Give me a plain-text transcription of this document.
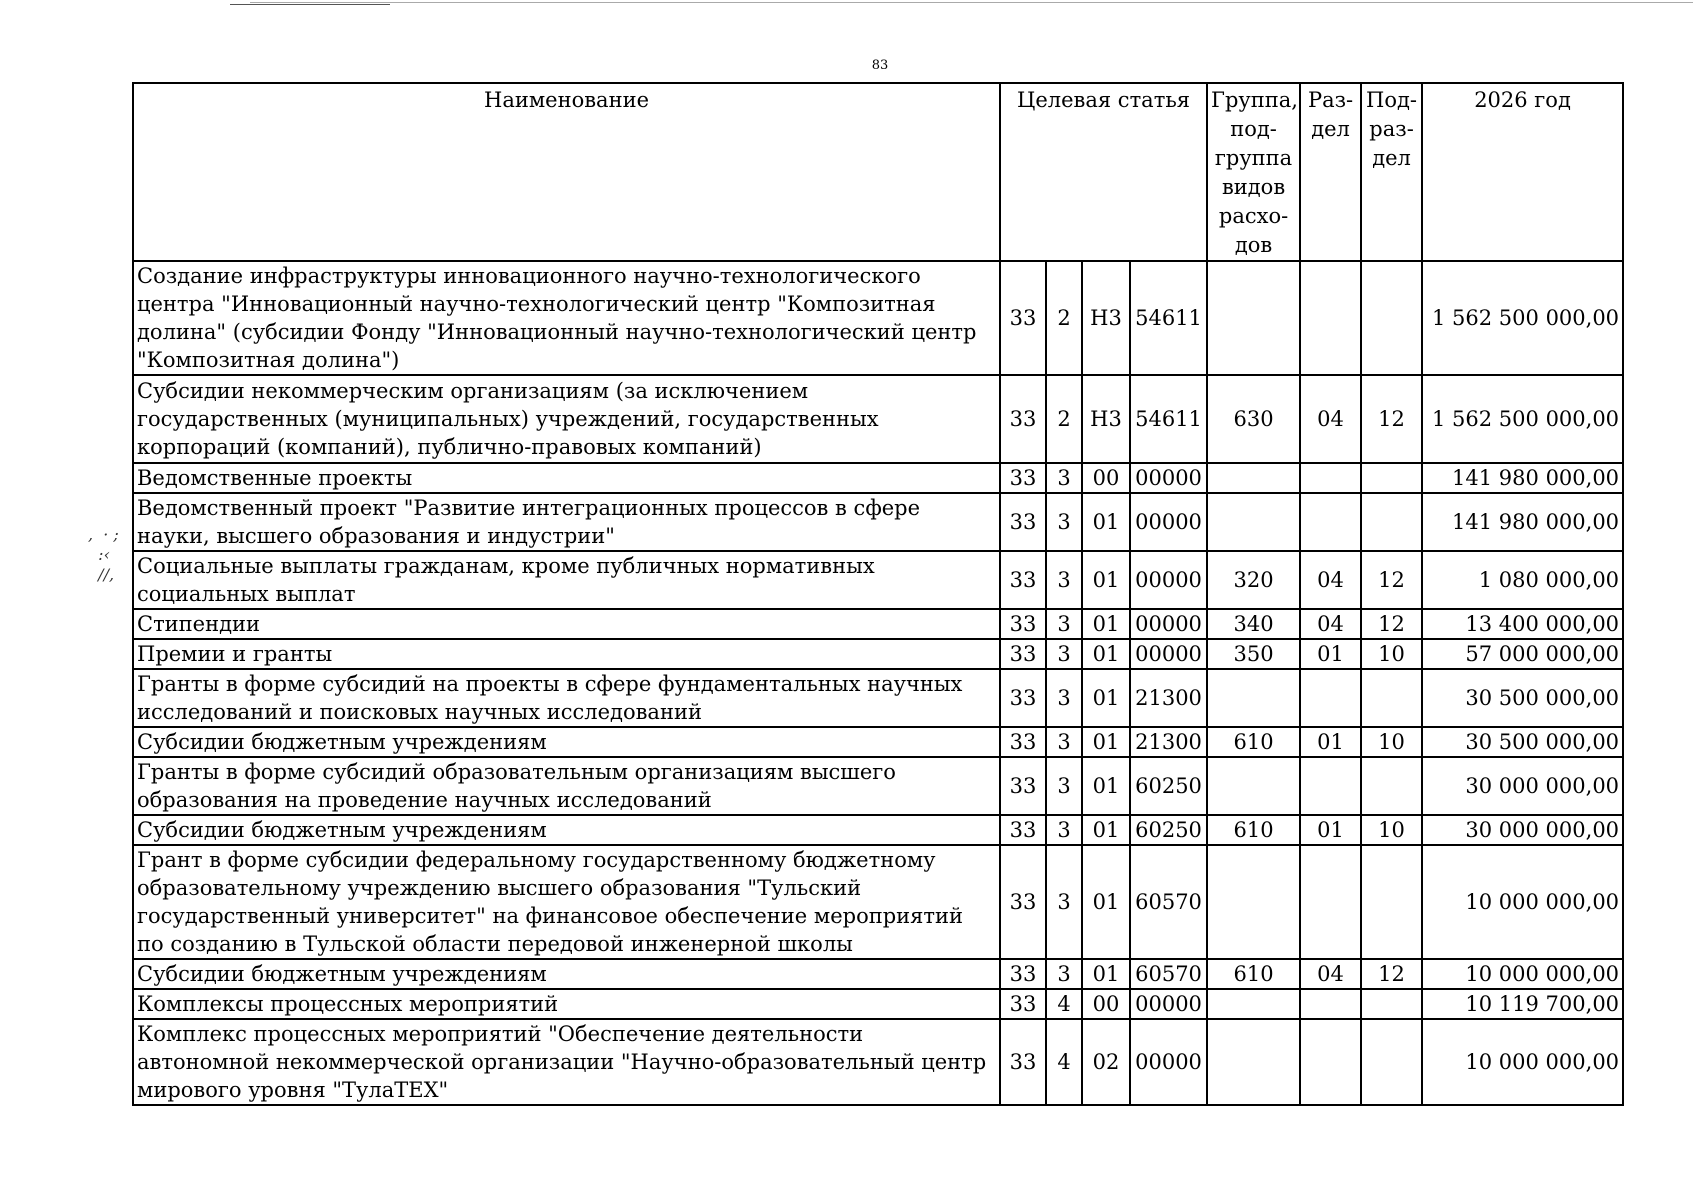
83
,  · ;
:‹
//,
Наименование	Целевая статья				Группа, под-группа видов расхо-дов	Раз-дел	Под-раз-дел	2026 год
Создание инфраструктуры инновационного научно-технологического центра "Инновационный научно-технологический центр "Композитная долина" (субсидии Фонду "Инновационный научно-технологический центр "Композитная долина")	33	2	Н3	54611				1 562 500 000,00
Субсидии некоммерческим организациям (за исключением государственных (муниципальных) учреждений, государственных корпораций (компаний), публично-правовых компаний)	33	2	Н3	54611	630	04	12	1 562 500 000,00
Ведомственные проекты	33	3	00	00000				141 980 000,00
Ведомственный проект "Развитие интеграционных процессов в сфере науки, высшего образования и индустрии"	33	3	01	00000				141 980 000,00
Социальные выплаты гражданам, кроме публичных нормативных социальных выплат	33	3	01	00000	320	04	12	1 080 000,00
Стипендии	33	3	01	00000	340	04	12	13 400 000,00
Премии и гранты	33	3	01	00000	350	01	10	57 000 000,00
Гранты в форме субсидий на проекты в сфере фундаментальных научных исследований и поисковых научных исследований	33	3	01	21300				30 500 000,00
Субсидии бюджетным учреждениям	33	3	01	21300	610	01	10	30 500 000,00
Гранты в форме субсидий образовательным организациям высшего образования на проведение научных исследований	33	3	01	60250				30 000 000,00
Субсидии бюджетным учреждениям	33	3	01	60250	610	01	10	30 000 000,00
Грант в форме субсидии федеральному государственному бюджетному образовательному учреждению высшего образования "Тульский государственный университет" на финансовое обеспечение мероприятий по созданию в Тульской области передовой инженерной школы	33	3	01	60570				10 000 000,00
Субсидии бюджетным учреждениям	33	3	01	60570	610	04	12	10 000 000,00
Комплексы процессных мероприятий	33	4	00	00000				10 119 700,00
Комплекс процессных мероприятий "Обеспечение деятельности автономной некоммерческой организации "Научно-образовательный центр мирового уровня "ТулаТЕХ"	33	4	02	00000				10 000 000,00
